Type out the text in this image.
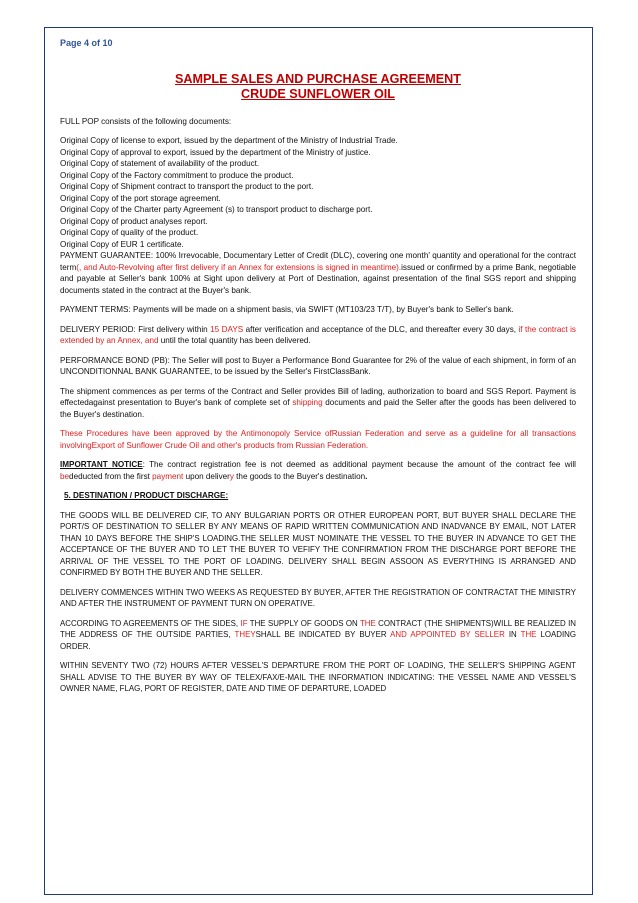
Page 4 of 10
SAMPLE SALES AND PURCHASE AGREEMENT
CRUDE SUNFLOWER OIL

FULL POP consists of the following documents:

Original Copy of license to export, issued by the department of the Ministry of Industrial Trade.
Original Copy of approval to export, issued by the department of the Ministry of justice.
Original Copy of statement of availability of the product.
Original Copy of the Factory commitment to produce the product.
Original Copy of Shipment contract to transport the product to the port.
Original Copy of the port storage agreement.
Original Copy of the Charter party Agreement (s) to transport product to discharge port.
Original Copy of product analyses report.
Original Copy of quality of the product.
Original Copy of EUR 1 certificate.

PAYMENT GUARANTEE: 100% Irrevocable, Documentary Letter of Credit (DLC), covering one month' quantity and operational for the contract term(, and Auto-Revolving after first delivery if an Annex for extensions is signed in meantime).issued or confirmed by a prime Bank, negotiable and payable at Seller's bank 100% at Sight upon delivery at Port of Destination, against presentation of the final SGS report and shipping documents stated in the contract at the Buyer's bank.

PAYMENT TERMS: Payments will be made on a shipment basis, via SWIFT (MT103/23 T/T), by Buyer's bank to Seller's bank.

DELIVERY PERIOD: First delivery within 15 DAYS after verification and acceptance of the DLC, and thereafter every 30 days, if the contract is extended by an Annex, and until the total quantity has been delivered.

PERFORMANCE BOND (PB): The Seller will post to Buyer a Performance Bond Guarantee for 2% of the value of each shipment, in form of an UNCONDITIONNAL BANK GUARANTEE, to be issued by the Seller's FirstClassBank.

The shipment commences as per terms of the Contract and Seller provides Bill of lading, authorization to board and SGS Report. Payment is effectedagainst presentation to Buyer's bank of complete set of shipping documents and paid the Seller after the goods has been delivered to the Buyer's destination.

These Procedures have been approved by the Antimonopoly Service ofRussian Federation and serve as a guideline for all transactions involvingExport of Sunflower Crude Oil and other's products from Russian Federation.

IMPORTANT NOTICE: The contract registration fee is not deemed as additional payment because the amount of the contract fee will bededucted from the first payment upon delivery the goods to the Buyer's destination.

5. DESTINATION / PRODUCT DISCHARGE:

THE GOODS WILL BE DELIVERED CIF, TO ANY BULGARIAN PORTS OR OTHER EUROPEAN PORT, BUT BUYER SHALL DECLARE THE PORT/S OF DESTINATION TO SELLER BY ANY MEANS OF RAPID WRITTEN COMMUNICATION AND INADVANCE BY EMAIL, NOT LATER THAN 10 DAYS BEFORE THE SHIP'S LOADING.THE SELLER MUST NOMINATE THE VESSEL TO THE BUYER IN ADVANCE TO GET THE ACCEPTANCE OF THE BUYER AND TO LET THE BUYER TO VEFIFY THE CONFIRMATION FROM THE DISCHARGE PORT BEFORE THE ARRIVAL OF THE VESSEL TO THE PORT OF LOADING. DELIVERY SHALL BEGIN ASSOON AS EVERYTHING IS ARRANGED AND CONFIRMED BY BOTH THE BUYER AND THE SELLER.

DELIVERY COMMENCES WITHIN TWO WEEKS AS REQUESTED BY BUYER, AFTER THE REGISTRATION OF CONTRACTAT THE MINISTRY AND AFTER THE INSTRUMENT OF PAYMENT TURN ON OPERATIVE.

ACCORDING TO AGREEMENTS OF THE SIDES, IF THE SUPPLY OF GOODS ON THE CONTRACT (THE SHIPMENTS)WILL BE REALIZED IN THE ADDRESS OF THE OUTSIDE PARTIES, THEYSHALL BE INDICATED BY BUYER AND APPOINTED BY SELLER IN THE LOADING ORDER.

WITHIN SEVENTY TWO (72) HOURS AFTER VESSEL'S DEPARTURE FROM THE PORT OF LOADING, THE SELLER'S SHIPPING AGENT SHALL ADVISE TO THE BUYER BY WAY OF TELEX/FAX/E-MAIL THE INFORMATION INDICATING: THE VESSEL NAME AND VESSEL'S OWNER NAME, FLAG, PORT OF REGISTER, DATE AND TIME OF DEPARTURE, LOADED
